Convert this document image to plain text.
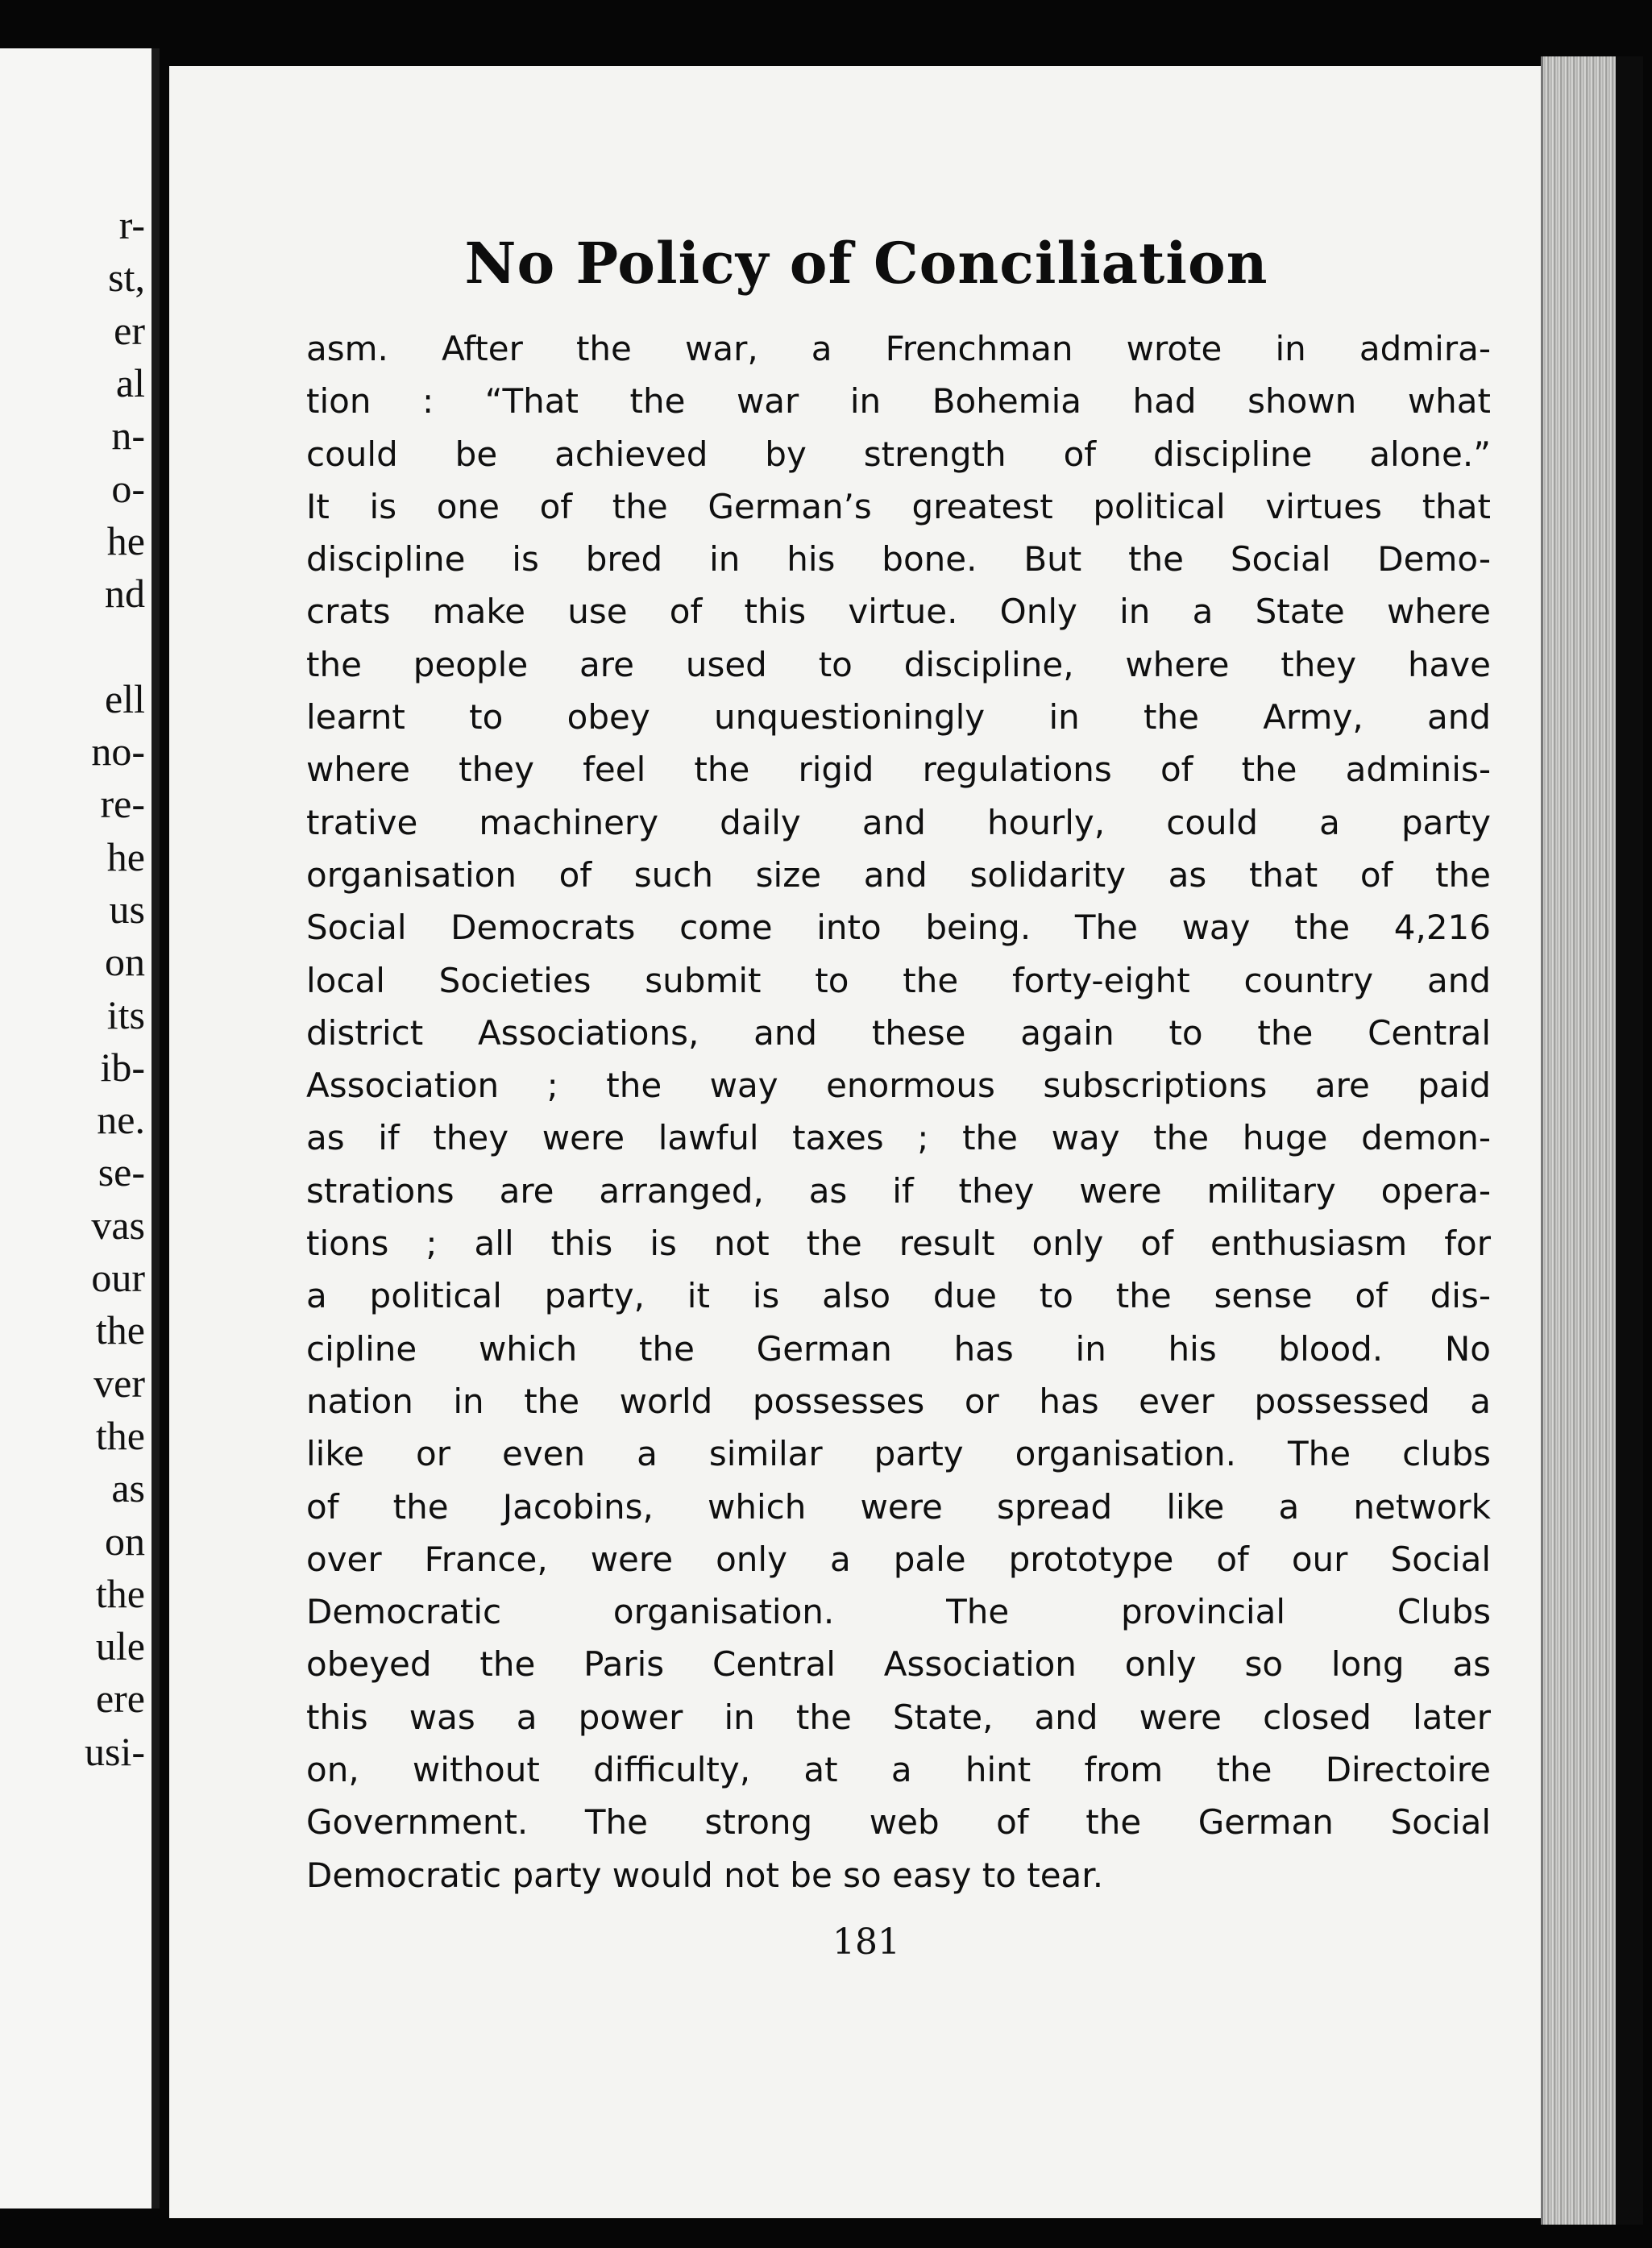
r-
st,
er
al
n-
o-
he
nd
ell
no-
re-
he
us
on
its
ib-
ne.
se-
vas
our
the
ver
the
as
on
the
ule
ere
usi-
No Policy of Conciliation
asm. After the war, a Frenchman wrote in admira-
tion : “That the war in Bohemia had shown what
could be achieved by strength of discipline alone.”
It is one of the German’s greatest political virtues that
discipline is bred in his bone. But the Social Demo-
crats make use of this virtue. Only in a State where
the people are used to discipline, where they have
learnt to obey unquestioningly in the Army, and
where they feel the rigid regulations of the adminis-
trative machinery daily and hourly, could a party
organisation of such size and solidarity as that of the
Social Democrats come into being. The way the 4,216
local Societies submit to the forty-eight country and
district Associations, and these again to the Central
Association ; the way enormous subscriptions are paid
as if they were lawful taxes ; the way the huge demon-
strations are arranged, as if they were military opera-
tions ; all this is not the result only of enthusiasm for
a political party, it is also due to the sense of dis-
cipline which the German has in his blood. No
nation in the world possesses or has ever possessed a
like or even a similar party organisation. The clubs
of the Jacobins, which were spread like a network
over France, were only a pale prototype of our Social
Democratic organisation. The provincial Clubs
obeyed the Paris Central Association only so long as
this was a power in the State, and were closed later
on, without difficulty, at a hint from the Directoire
Government. The strong web of the German Social
Democratic party would not be so easy to tear.
181
